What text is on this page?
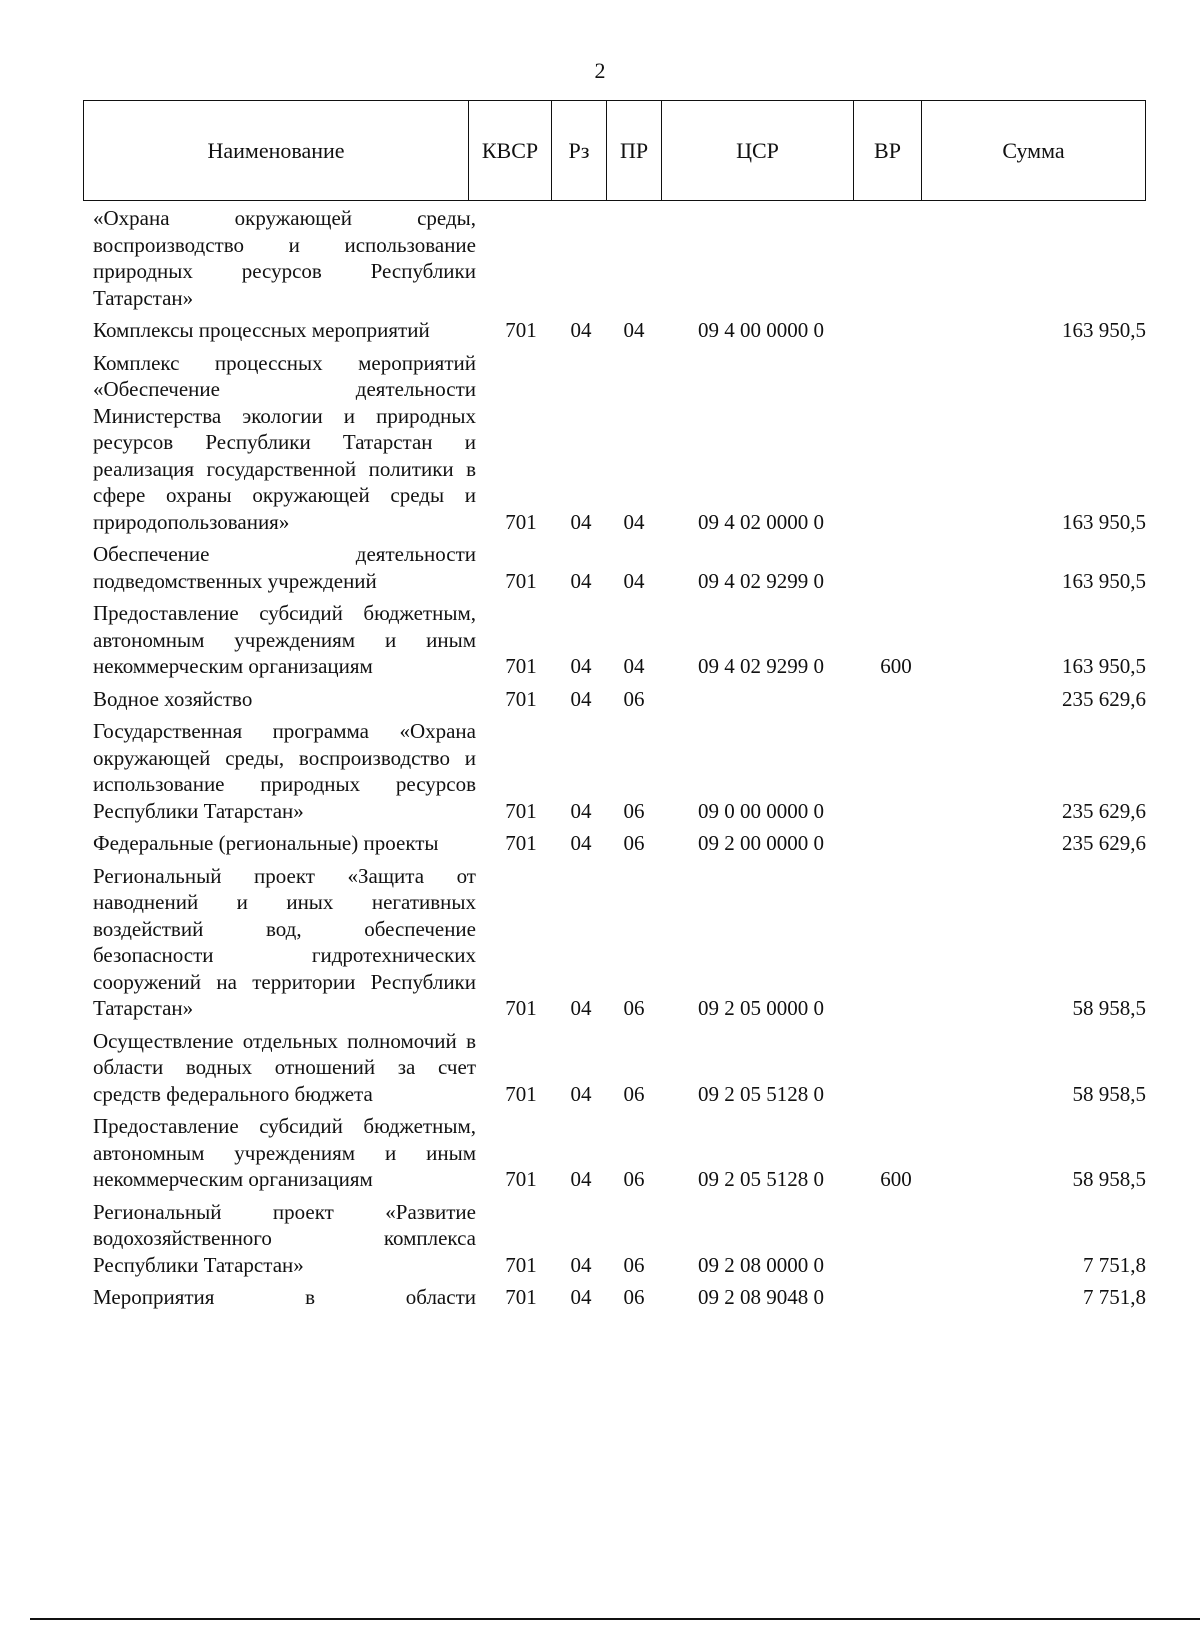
2
Наименование	КВСР	Рз	ПР	ЦСР	ВР	Сумма
«Охрана окружающей среды, воспроизводство и использование природных ресурсов Республики Татарстан»
Комплексы процессных мероприятий	701	04	04	09 4 00 0000 0	163 950,5
Комплекс процессных мероприятий «Обеспечение деятельности Министерства экологии и природных ресурсов Республики Татарстан и реализация государственной политики в сфере охраны окружающей среды и природопользования»	701	04	04	09 4 02 0000 0	163 950,5
Обеспечение деятельности подведомственных учреждений	701	04	04	09 4 02 9299 0	163 950,5
Предоставление субсидий бюджетным, автономным учреждениям и иным некоммерческим организациям	701	04	04	09 4 02 9299 0	600	163 950,5
Водное хозяйство	701	04	06	235 629,6
Государственная программа «Охрана окружающей среды, воспроизводство и использование природных ресурсов Республики Татарстан»	701	04	06	09 0 00 0000 0	235 629,6
Федеральные (региональные) проекты	701	04	06	09 2 00 0000 0	235 629,6
Региональный проект «Защита от наводнений и иных негативных воздействий вод, обеспечение безопасности гидротехнических сооружений на территории Республики Татарстан»	701	04	06	09 2 05 0000 0	58 958,5
Осуществление отдельных полномочий в области водных отношений за счет средств федерального бюджета	701	04	06	09 2 05 5128 0	58 958,5
Предоставление субсидий бюджетным, автономным учреждениям и иным некоммерческим организациям	701	04	06	09 2 05 5128 0	600	58 958,5
Региональный проект «Развитие водохозяйственного комплекса Республики Татарстан»	701	04	06	09 2 08 0000 0	7 751,8
Мероприятия в области	701	04	06	09 2 08 9048 0	7 751,8
